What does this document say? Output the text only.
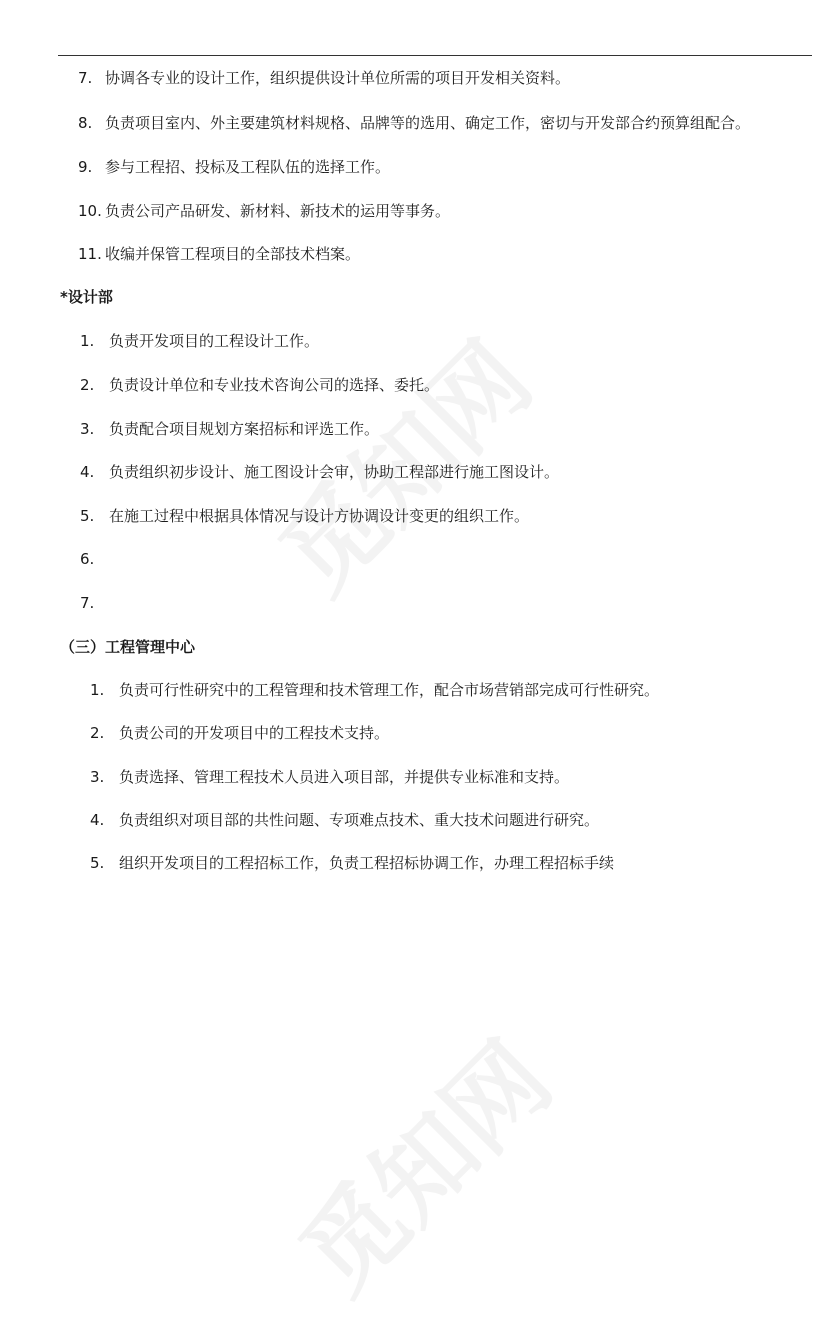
7. 协调各专业的设计工作，组织提供设计单位所需的项目开发相关资料。
8. 负责项目室内、外主要建筑材料规格、品牌等的选用、确定工作，密切与开发部合约预算组配合。
9. 参与工程招、投标及工程队伍的选择工作。
10. 负责公司产品研发、新材料、新技术的运用等事务。
11. 收编并保管工程项目的全部技术档案。
*设计部
1. 负责开发项目的工程设计工作。
2. 负责设计单位和专业技术咨询公司的选择、委托。
3. 负责配合项目规划方案招标和评选工作。
4. 负责组织初步设计、施工图设计会审，协助工程部进行施工图设计。
5. 在施工过程中根据具体情况与设计方协调设计变更的组织工作。
6.
7.
（三）工程管理中心
1. 负责可行性研究中的工程管理和技术管理工作，配合市场营销部完成可行性研究。
2. 负责公司的开发项目中的工程技术支持。
3. 负责选择、管理工程技术人员进入项目部，并提供专业标准和支持。
4. 负责组织对项目部的共性问题、专项难点技术、重大技术问题进行研究。
5. 组织开发项目的工程招标工作，负责工程招标协调工作，办理工程招标手续
